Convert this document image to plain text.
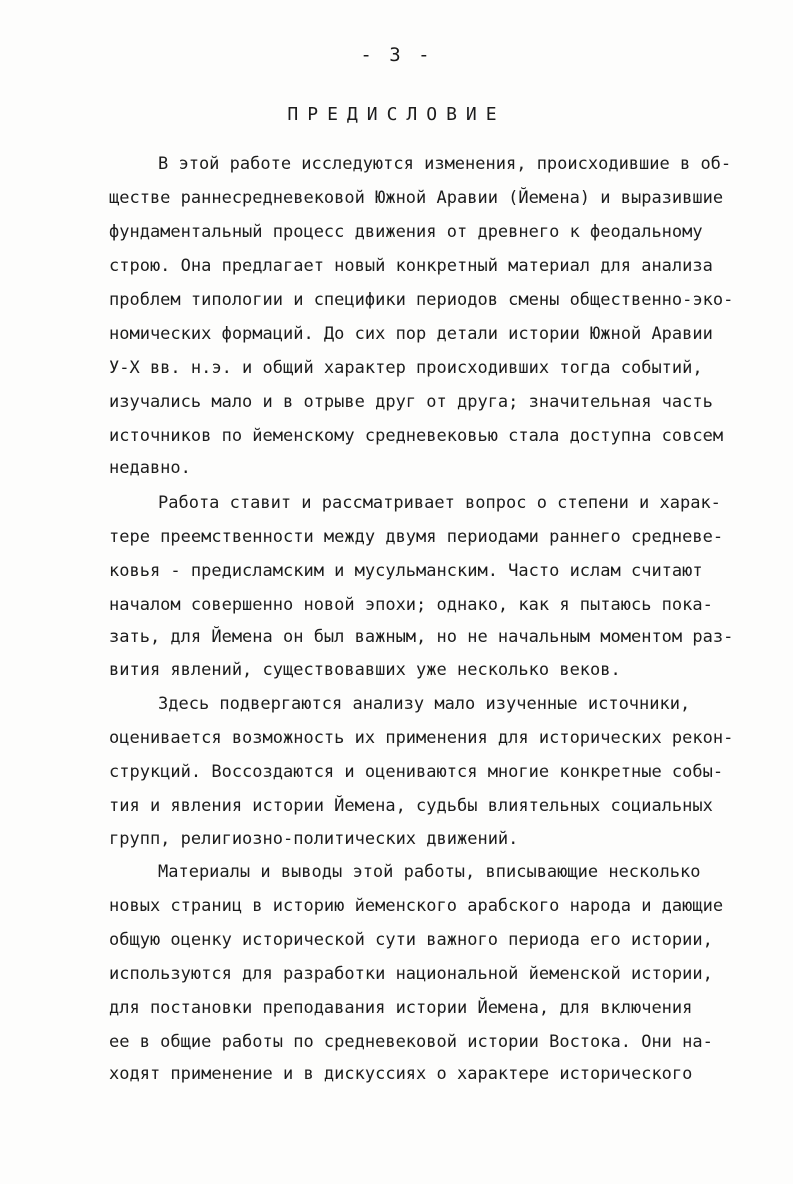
- 3 -
ПРЕДИСЛОВИЕ
В этой работе исследуются изменения, происходившие в об-
ществе раннесредневековой Южной Аравии (Йемена) и выразившие
фундаментальный процесс движения от древнего к феодальному
строю. Она предлагает новый конкретный материал для анализа
проблем типологии и специфики периодов смены общественно-эко-
номических формаций. До сих пор детали истории Южной Аравии
У-Х вв. н.э. и общий характер происходивших тогда событий,
изучались мало и в отрыве друг от друга; значительная часть
источников по йеменскому средневековью стала доступна совсем
недавно.
Работа ставит и рассматривает вопрос о степени и харак-
тере преемственности между двумя периодами раннего средневе-
ковья - предисламским и мусульманским. Часто ислам считают
началом совершенно новой эпохи; однако, как я пытаюсь пока-
зать, для Йемена он был важным, но не начальным моментом раз-
вития явлений, существовавших уже несколько веков.
Здесь подвергаются анализу мало изученные источники,
оценивается возможность их применения для исторических рекон-
струкций. Воссоздаются и оцениваются многие конкретные собы-
тия и явления истории Йемена, судьбы влиятельных социальных
групп, религиозно-политических движений.
Материалы и выводы этой работы, вписывающие несколько
новых страниц в историю йеменского арабского народа и дающие
общую оценку исторической сути важного периода его истории,
используются для разработки национальной йеменской истории,
для постановки преподавания истории Йемена, для включения
ее в общие работы по средневековой истории Востока. Они на-
ходят применение и в дискуссиях о характере исторического
